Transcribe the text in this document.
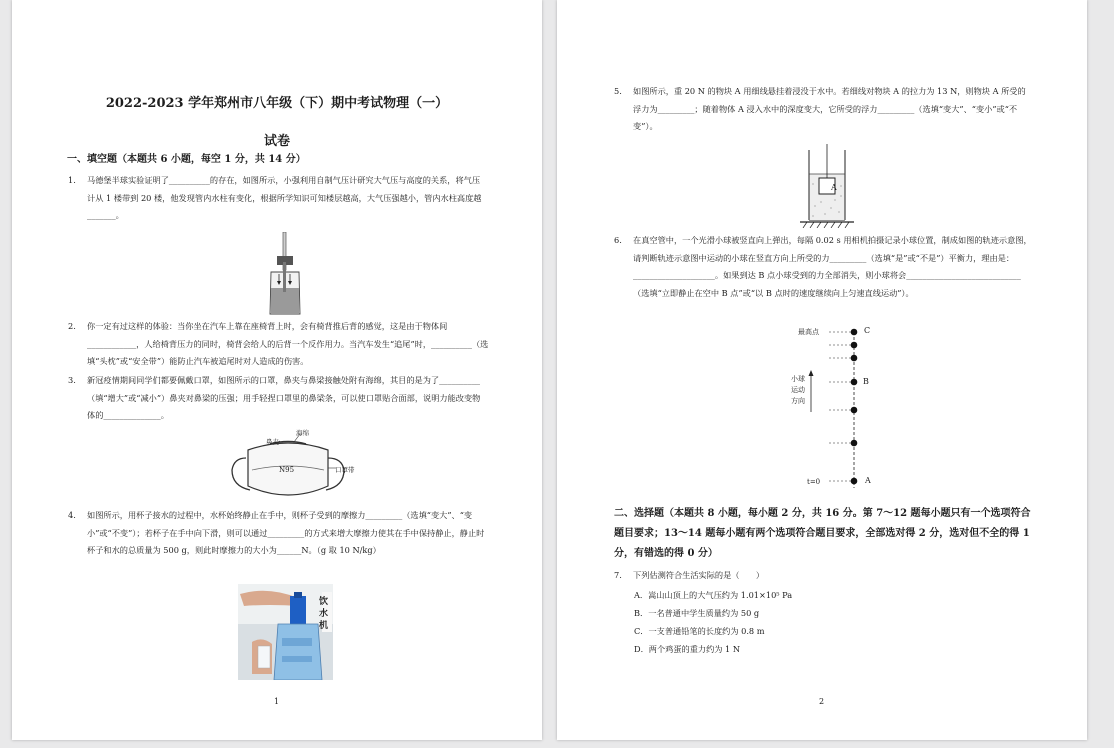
2022-2023 学年郑州市八年级（下）期中考试物理（一）
试卷
一、填空题（本题共 6 小题，每空 1 分，共 14 分）
1. 马德堡半球实验证明了__________的存在，如图所示，小强利用自制气压计研究大气压与高度的关系，将气压计从 1 楼带到 20 楼，他发现管内水柱有变化，根据所学知识可知楼层越高，大气压强越小，管内水柱高度越_______。
2. 你一定有过这样的体验：当你坐在汽车上靠在座椅背上时，会有椅背推后背的感觉，这是由于物体间____________，人给椅背压力的同时，椅背会给人的后背一个反作用力。当汽车发生“追尾”时，__________（选填“头枕”或“安全带”）能防止汽车被追尾时对人造成的伤害。
3. 新冠疫情期间同学们都要佩戴口罩，如图所示的口罩，鼻夹与鼻梁接触处附有海绵，其目的是为了__________（填“增大”或“减小”）鼻夹对鼻梁的压强；用手轻捏口罩里的鼻梁条，可以使口罩贴合面部，说明力能改变物体的______________。
海绵
鼻夹
N95	口罩带
4. 如图所示，用杯子接水的过程中，水杯始终静止在手中，则杯子受到的摩擦力_________（选填“变大”、“变小”或“不变”）；若杯子在手中向下滑，则可以通过_________的方式来增大摩擦力使其在手中保持静止，静止时杯子和水的总质量为 500 g，则此时摩擦力的大小为______N。（g 取 10 N/kg）
饮水机
1
5. 如图所示，重 20 N 的物块 A 用细线悬挂着浸没于水中。若细线对物块 A 的拉力为 13 N，则物块 A 所受的浮力为_________；随着物体 A 浸入水中的深度变大，它所受的浮力_________（选填“变大”、“变小”或“不变”）。
A
6. 在真空管中，一个光滑小球被竖直向上弹出，每隔 0.02 s 用相机拍摄记录小球位置，制成如图的轨迹示意图，请判断轨迹示意图中运动的小球在竖直方向上所受的力_________（选填“是”或“不是”）平衡力，理由是：____________________。如果到达 B 点小球受到的力全部消失，则小球将会____________________________（选填“立即静止在空中 B 点”或“以 B 点时的速度继续向上匀速直线运动”）。
最高点	C
B
A
t=0
小球
运动
方向
二、选择题（本题共 8 小题，每小题 2 分，共 16 分。第 7～12 题每小题只有一个选项符合题目要求；13～14 题每小题有两个选项符合题目要求，全部选对得 2 分，选对但不全的得 1 分，有错选的得 0 分）
7. 下列估测符合生活实际的是（　　）
A．嵩山山顶上的大气压约为 1.01×10⁵ Pa
B．一名普通中学生质量约为 50 g
C．一支普通铅笔的长度约为 0.8 m
D．两个鸡蛋的重力约为 1 N
2
